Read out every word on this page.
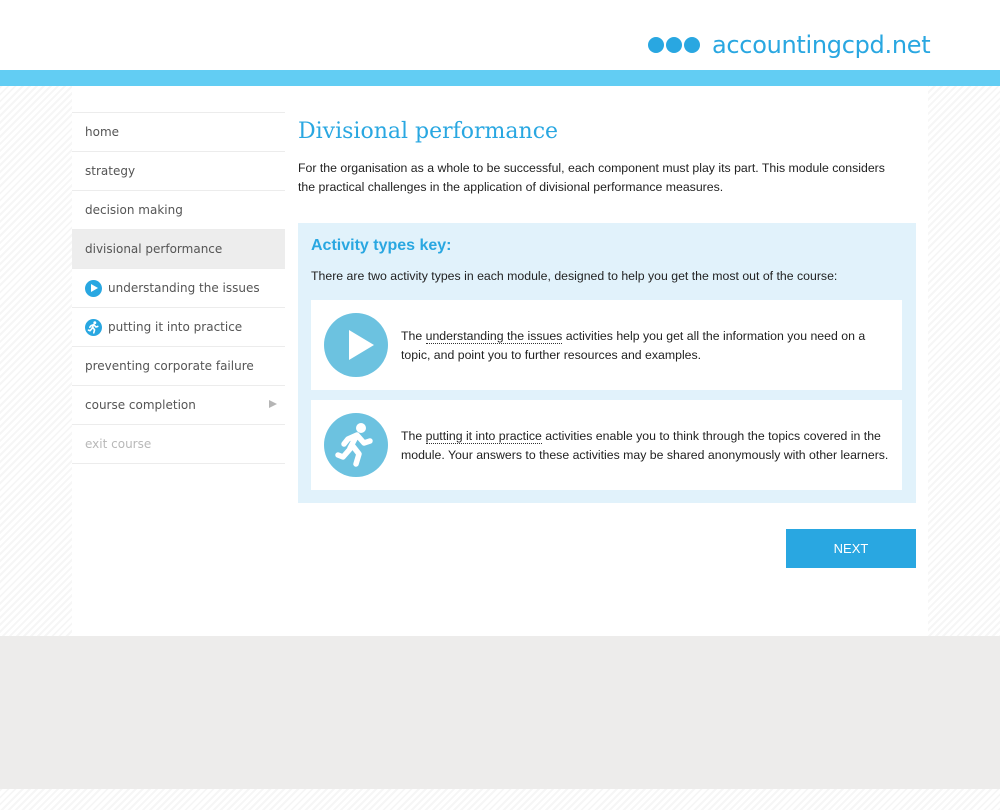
accountingcpd.net
home
strategy
decision making
divisional performance
understanding the issues
putting it into practice
preventing corporate failure
course completion
exit course
Divisional performance

For the organisation as a whole to be successful, each component must play its part. This module considers the practical challenges in the application of divisional performance measures.

Activity types key:

There are two activity types in each module, designed to help you get the most out of the course:

The understanding the issues activities help you get all the information you need on a topic, and point you to further resources and examples.

The putting it into practice activities enable you to think through the topics covered in the module. Your answers to these activities may be shared anonymously with other learners.

NEXT
